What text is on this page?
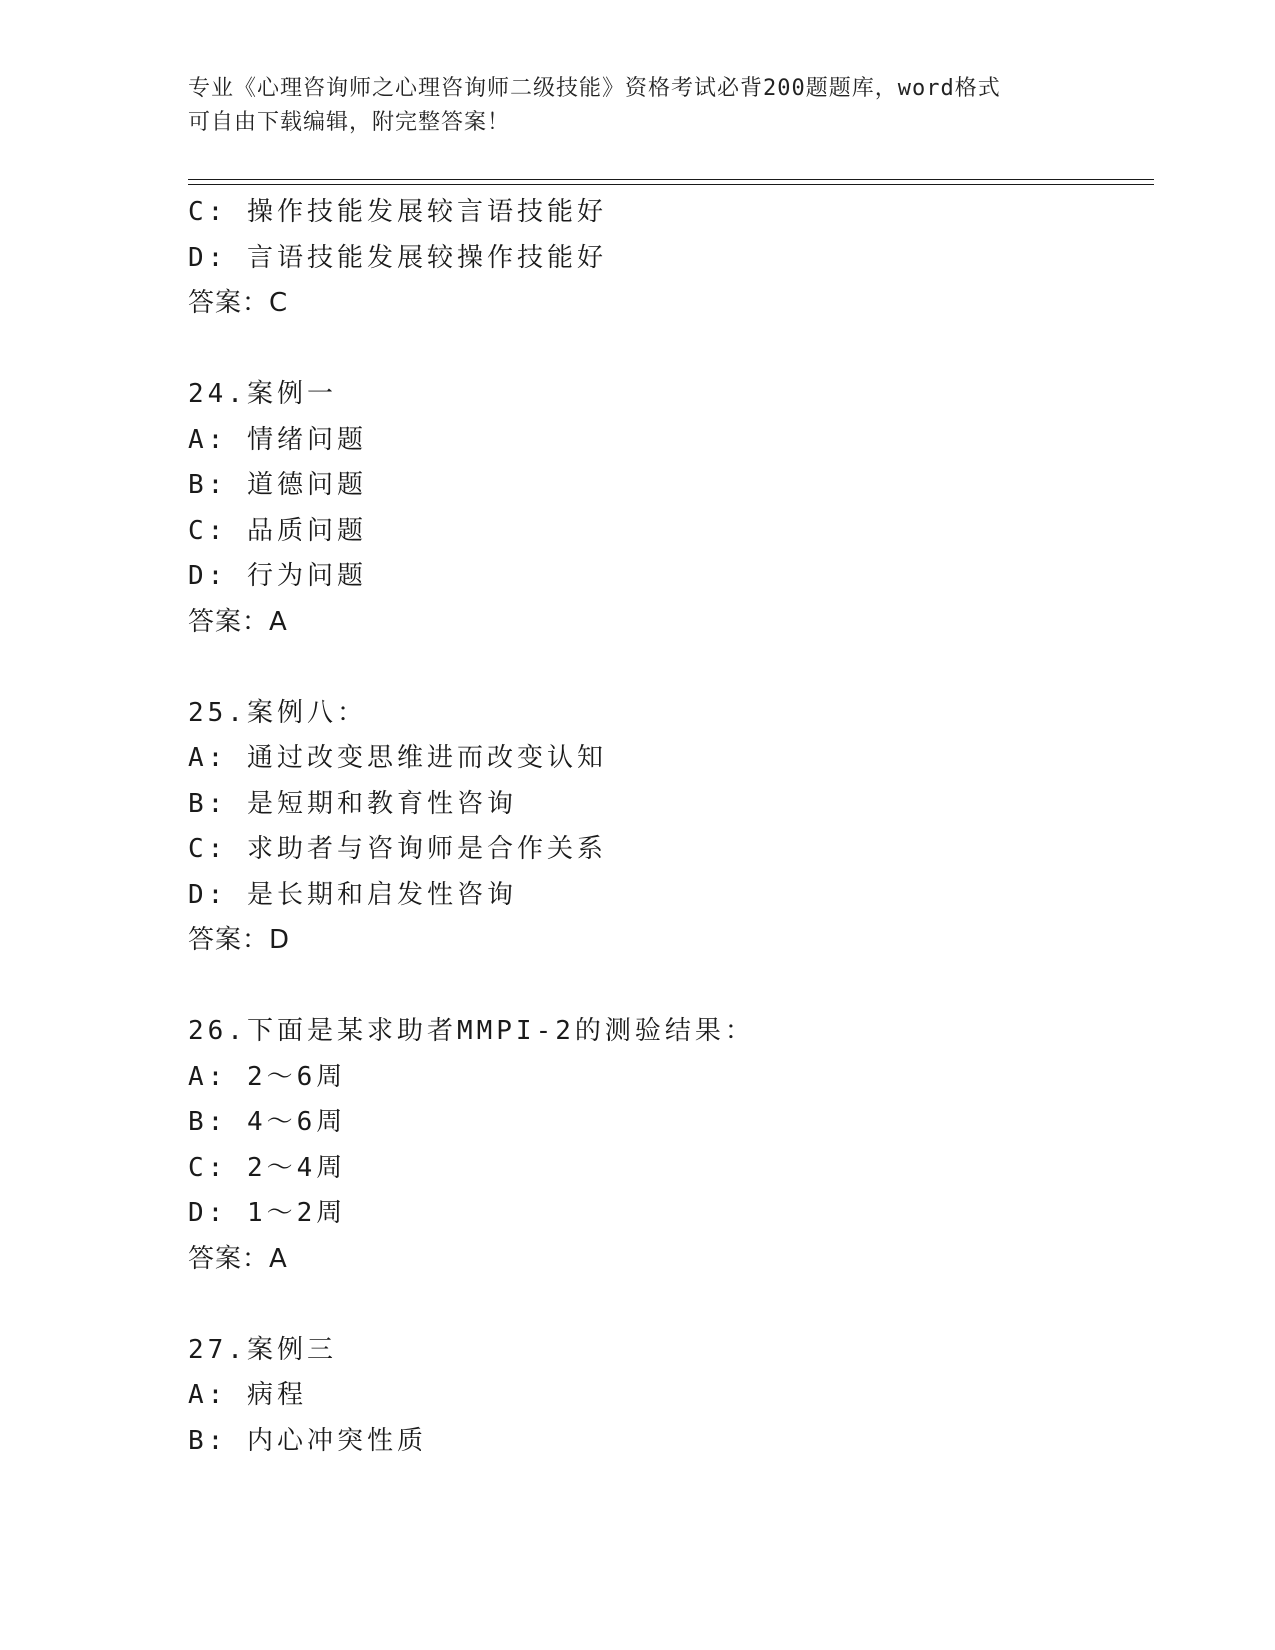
专业《心理咨询师之心理咨询师二级技能》资格考试必背200题题库，word格式
可自由下载编辑，附完整答案！
C: 操作技能发展较言语技能好
D: 言语技能发展较操作技能好
答案：C
24.案例一
A: 情绪问题
B: 道德问题
C: 品质问题
D: 行为问题
答案：A
25.案例八：
A: 通过改变思维进而改变认知
B: 是短期和教育性咨询
C: 求助者与咨询师是合作关系
D: 是长期和启发性咨询
答案：D
26.下面是某求助者MMPI-2的测验结果：
A: 2～6周
B: 4～6周
C: 2～4周
D: 1～2周
答案：A
27.案例三
A: 病程
B: 内心冲突性质
